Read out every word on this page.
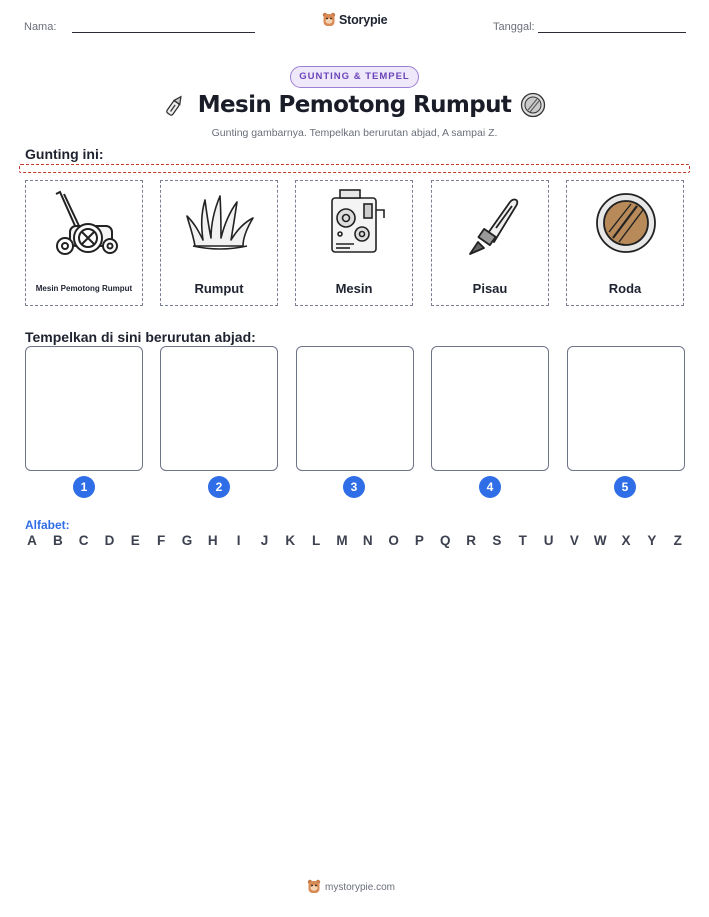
Nama:	Storypie	Tanggal:
GUNTING & TEMPEL
Mesin Pemotong Rumput
Gunting gambarnya. Tempelkan berurutan abjad, A sampai Z.
Gunting ini:
Mesin Pemotong Rumput	Rumput	Mesin	Pisau	Roda
Tempelkan di sini berurutan abjad:
1	2	3	4	5
Alfabet:
A B C D E F G H	I	J K L M N O P Q R S T U V W X Y Z
mystorypie.com
